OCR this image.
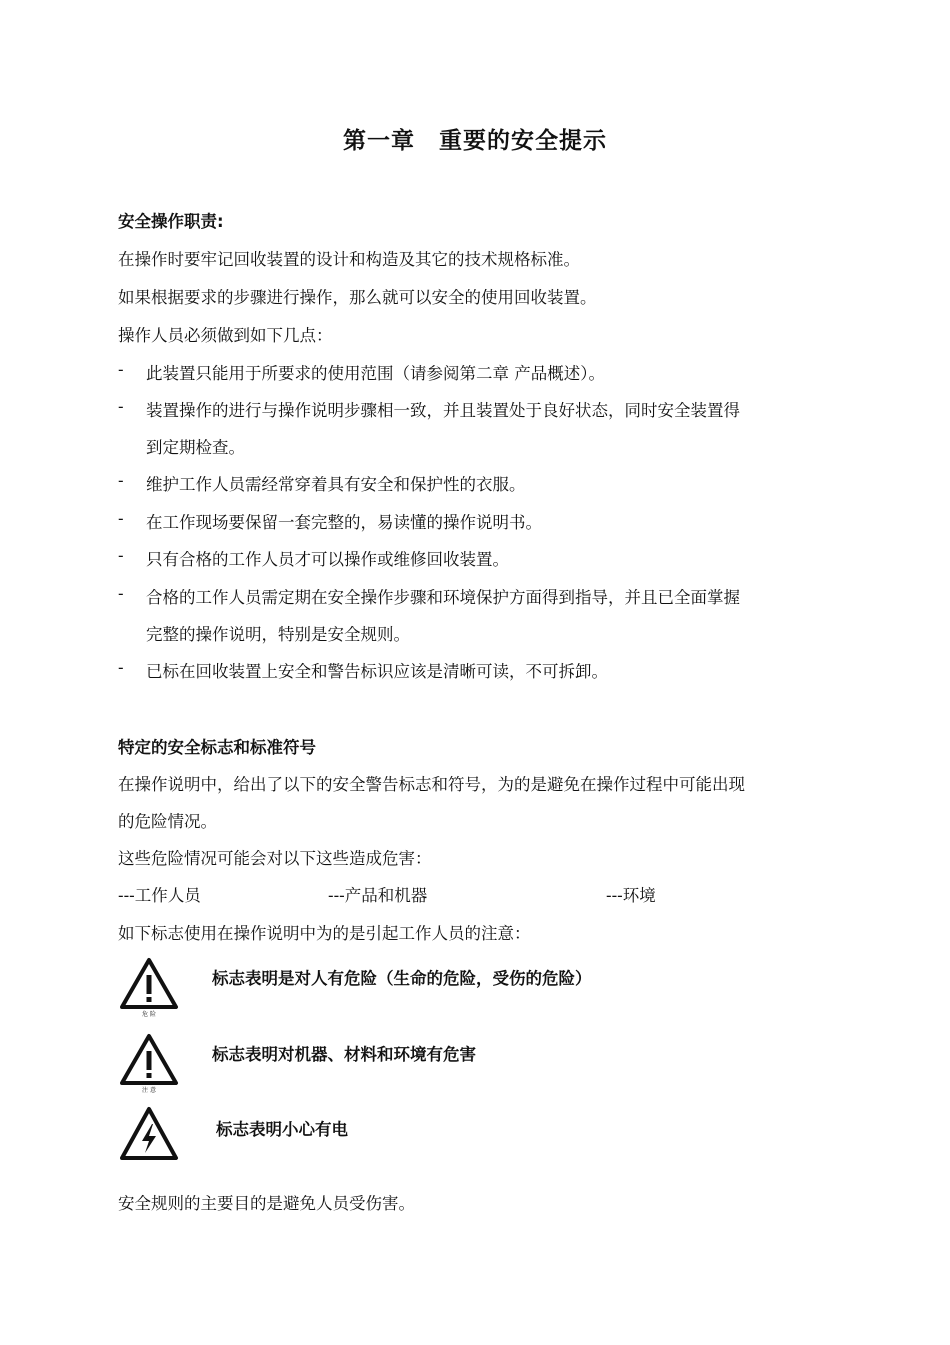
第一章　重要的安全提示
安全操作职责:
在操作时要牢记回收装置的设计和构造及其它的技术规格标准。
如果根据要求的步骤进行操作，那么就可以安全的使用回收装置。
操作人员必须做到如下几点：
- 此装置只能用于所要求的使用范围（请参阅第二章 产品概述）。
- 装置操作的进行与操作说明步骤相一致，并且装置处于良好状态，同时安全装置得
到定期检查。
- 维护工作人员需经常穿着具有安全和保护性的衣服。
- 在工作现场要保留一套完整的，易读懂的操作说明书。
- 只有合格的工作人员才可以操作或维修回收装置。
- 合格的工作人员需定期在安全操作步骤和环境保护方面得到指导，并且已全面掌握
完整的操作说明，特别是安全规则。
- 已标在回收装置上安全和警告标识应该是清晰可读，不可拆卸。
特定的安全标志和标准符号
在操作说明中，给出了以下的安全警告标志和符号，为的是避免在操作过程中可能出现
的危险情况。
这些危险情况可能会对以下这些造成危害：
---工作人员	---产品和机器	---环境
如下标志使用在操作说明中为的是引起工作人员的注意：
危 险
标志表明是对人有危险（生命的危险，受伤的危险）
注 意
标志表明对机器、材料和环境有危害
标志表明小心有电
安全规则的主要目的是避免人员受伤害。
